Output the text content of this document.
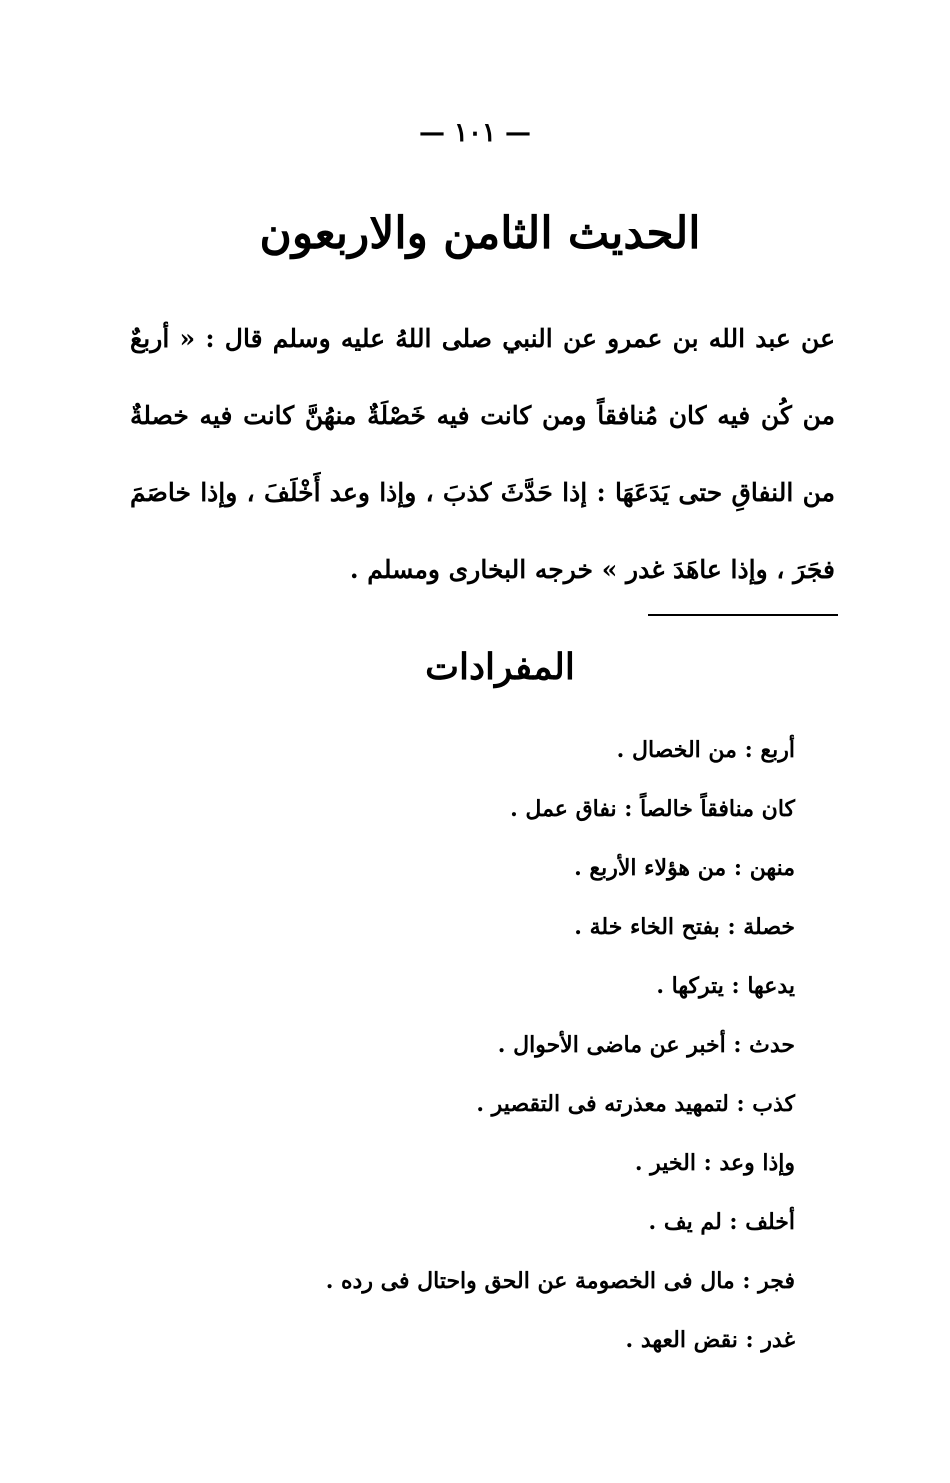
— ١٠١ —
الحديث الثامن والاربعون
عن عبد الله بن عمرو عن النبي صلى اللهُ عليه وسلم قال : « أربعٌ من كُن فيه كان مُنافقاً ومن كانت فيه خَصْلَةٌ منهُنَّ كانت فيه خصلةٌ من النفاقِ حتى يَدَعَهَا : إذا حَدَّثَ كذبَ ، وإذا وعد أَخْلَفَ ، وإذا خاصَمَ فجَرَ ، وإذا عاهَدَ غدر » خرجه البخارى ومسلم .
المفرادات
أربع : من الخصال .
كان منافقاً خالصاً : نفاق عمل .
منهن : من هؤلاء الأربع .
خصلة : بفتح الخاء خلة .
يدعها : يتركها .
حدث : أخبر عن ماضى الأحوال .
كذب : لتمهيد معذرته فى التقصير .
وإذا وعد : الخير .
أخلف : لم يف .
فجر : مال فى الخصومة عن الحق واحتال فى رده .
غدر : نقض العهد .
